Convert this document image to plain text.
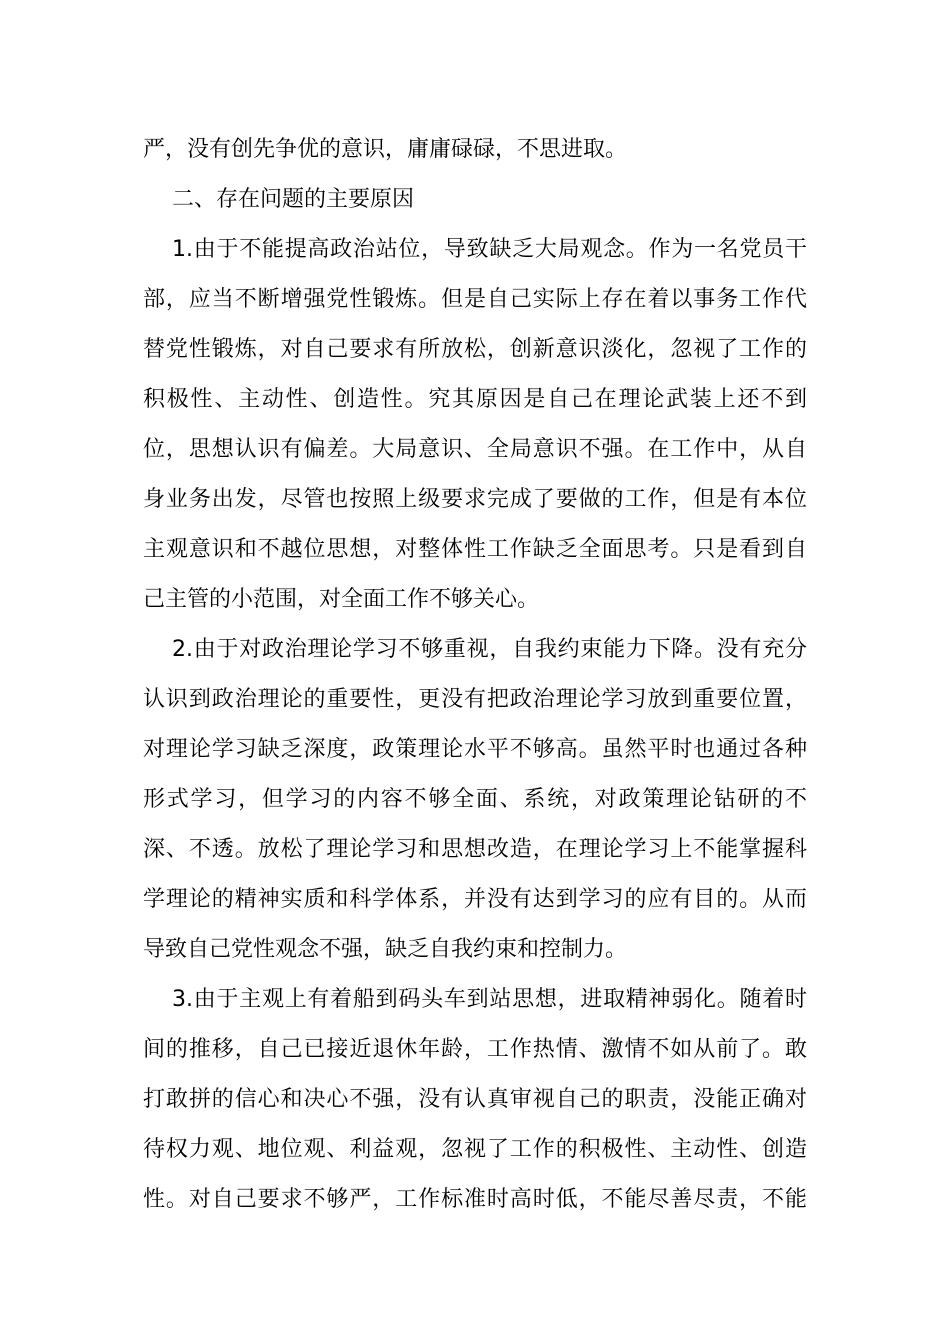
严，没有创先争优的意识，庸庸碌碌，不思进取。
二、存在问题的主要原因
1.由于不能提高政治站位，导致缺乏大局观念。作为一名党员干
部，应当不断增强党性锻炼。但是自己实际上存在着以事务工作代
替党性锻炼，对自己要求有所放松，创新意识淡化，忽视了工作的
积极性、主动性、创造性。究其原因是自己在理论武装上还不到
位，思想认识有偏差。大局意识、全局意识不强。在工作中，从自
身业务出发，尽管也按照上级要求完成了要做的工作，但是有本位
主观意识和不越位思想，对整体性工作缺乏全面思考。只是看到自
己主管的小范围，对全面工作不够关心。
2.由于对政治理论学习不够重视，自我约束能力下降。没有充分
认识到政治理论的重要性，更没有把政治理论学习放到重要位置，
对理论学习缺乏深度，政策理论水平不够高。虽然平时也通过各种
形式学习，但学习的内容不够全面、系统，对政策理论钻研的不
深、不透。放松了理论学习和思想改造，在理论学习上不能掌握科
学理论的精神实质和科学体系，并没有达到学习的应有目的。从而
导致自己党性观念不强，缺乏自我约束和控制力。
3.由于主观上有着船到码头车到站思想，进取精神弱化。随着时
间的推移，自己已接近退休年龄，工作热情、激情不如从前了。敢
打敢拼的信心和决心不强，没有认真审视自己的职责，没能正确对
待权力观、地位观、利益观，忽视了工作的积极性、主动性、创造
性。对自己要求不够严，工作标准时高时低，不能尽善尽责，不能
